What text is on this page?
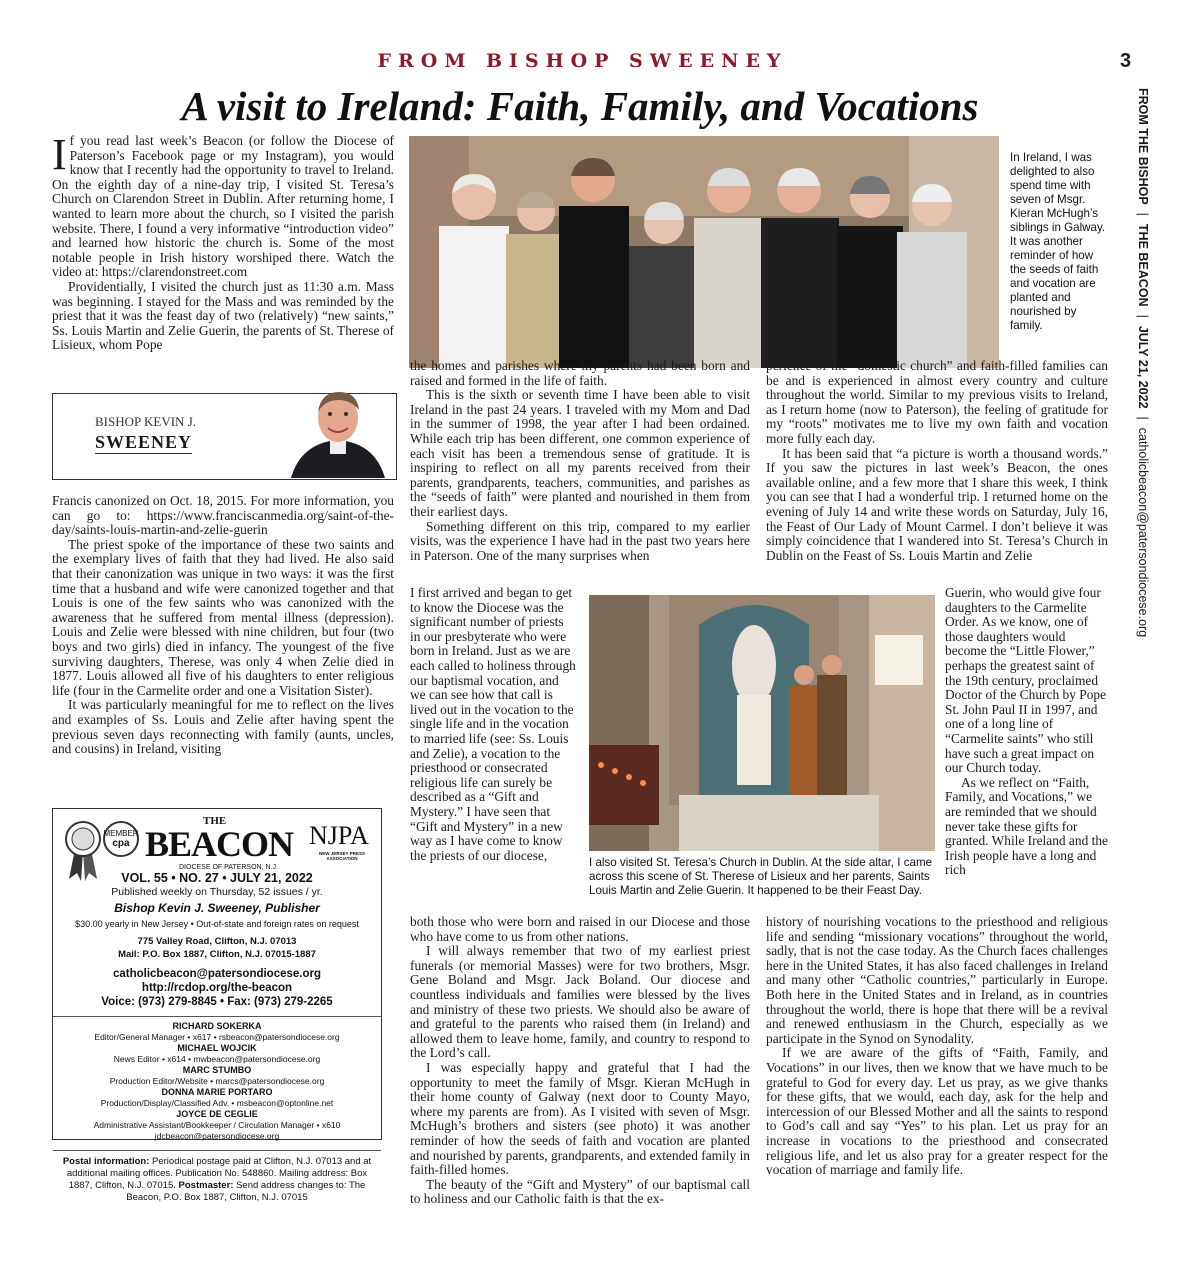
FROM BISHOP SWEENEY
A visit to Ireland: Faith, Family, and Vocations
3
FROM THE BISHOP|THE BEACON|JULY 21, 2022|catholicbeacon@patersondiocese.org

If you read last week’s Beacon (or follow the Diocese of Paterson’s Facebook page or my Instagram), you would know that I recently had the opportunity to travel to Ireland. On the eighth day of a nine-day trip, I visited St. Teresa’s Church on Clarendon Street in Dublin. After returning home, I wanted to learn more about the church, so I visited the parish website. There, I found a very informative “introduction video” and learned how historic the church is. Some of the most notable people in Irish history worshiped there. Watch the video at: https://clarendonstreet.com

Providentially, I visited the church just as 11:30 a.m. Mass was beginning. I stayed for the Mass and was reminded by the priest that it was the feast day of two (relatively) “new saints,” Ss. Louis Martin and Zelie Guerin, the parents of St. Therese of Lisieux, whom Pope

BISHOP KEVIN J.
SWEENEY

Francis canonized on Oct. 18, 2015. For more information, you can go to: https://www.franciscanmedia.org/saint-of-the-day/saints-louis-martin-and-zelie-guerin

The priest spoke of the importance of these two saints and the exemplary lives of faith that they had lived. He also said that their canonization was unique in two ways: it was the first time that a husband and wife were canonized together and that Louis is one of the few saints who was canonized with the awareness that he suffered from mental illness (depression). Louis and Zelie were blessed with nine children, but four (two boys and two girls) died in infancy. The youngest of the five surviving daughters, Therese, was only 4 when Zelie died in 1877. Louis allowed all five of his daughters to enter religious life (four in the Carmelite order and one a Visitation Sister).

It was particularly meaningful for me to reflect on the lives and examples of Ss. Louis and Zelie after having spent the previous seven days reconnecting with family (aunts, uncles, and cousins) in Ireland, visiting

MEMBER
cpa
THE
BEACON NJPA
NEW JERSEY PRESS ASSOCIATION
DIOCESE OF PATERSON, N.J.
VOL. 55 • NO. 27 • JULY 21, 2022
Published weekly on Thursday, 52 issues / yr.
Bishop Kevin J. Sweeney, Publisher
$30.00 yearly in New Jersey • Out-of-state and foreign rates on request
775 Valley Road, Clifton, N.J. 07013
Mail: P.O. Box 1887, Clifton, N.J. 07015-1887
catholicbeacon@patersondiocese.org
http://rcdop.org/the-beacon
Voice: (973) 279-8845 • Fax: (973) 279-2265
RICHARD SOKERKA
Editor/General Manager • x617 • rsbeacon@patersondiocese.org
MICHAEL WOJCIK
News Editor • x614 • mwbeacon@patersondiocese.org
MARC STUMBO
Production Editor/Website • marcs@patersondiocese.org
DONNA MARIE PORTARO
Production/Display/Classified Adv. • msbeacon@optonline.net
JOYCE DE CEGLIE
Administrative Assistant/Bookkeeper / Circulation Manager • x610
jdcbeacon@patersondiocese.org
Postal information: Periodical postage paid at Clifton, N.J. 07013 and at additional mailing offices. Publication No. 548860. Mailing address: Box 1887, Clifton, N.J. 07015. Postmaster: Send address changes to: The Beacon, P.O. Box 1887, Clifton, N.J. 07015
In Ireland, I was delighted to also spend time with seven of Msgr. Kieran McHugh’s siblings in Galway. It was another reminder of how the seeds of faith and vocation are planted and nourished by family.

the homes and parishes where my parents had been born and raised and formed in the life of faith.

This is the sixth or seventh time I have been able to visit Ireland in the past 24 years. I traveled with my Mom and Dad in the summer of 1998, the year after I had been ordained. While each trip has been different, one common experience of each visit has been a tremendous sense of gratitude. It is inspiring to reflect on all my parents received from their parents, grandparents, teachers, communities, and parishes as the “seeds of faith” were planted and nourished in them from their earliest days.

Something different on this trip, compared to my earlier visits, was the experience I have had in the past two years here in Paterson. One of the many surprises when

I first arrived and began to get to know the Diocese was the significant number of priests in our presbyterate who were born in Ireland. Just as we are each called to holiness through our baptismal vocation, and we can see how that call is lived out in the vocation to the single life and in the vocation to married life (see: Ss. Louis and Zelie), a vocation to the priesthood or consecrated religious life can surely be described as a “Gift and Mystery.” I have seen that “Gift and Mystery” in a new way as I have come to know the priests of our diocese,	I also visited St. Teresa’s Church in Dublin. At the side altar, I came across this scene of St. Therese of Lisieux and her parents, Saints Louis Martin and Zelie Guerin. It happened to be their Feast Day.

both those who were born and raised in our Diocese and those who have come to us from other nations.

I will always remember that two of my earliest priest funerals (or memorial Masses) were for two brothers, Msgr. Gene Boland and Msgr. Jack Boland. Our diocese and countless individuals and families were blessed by the lives and ministry of these two priests. We should also be aware of and grateful to the parents who raised them (in Ireland) and allowed them to leave home, family, and country to respond to the Lord’s call.

I was especially happy and grateful that I had the opportunity to meet the family of Msgr. Kieran McHugh in their home county of Galway (next door to County Mayo, where my parents are from). As I visited with seven of Msgr. McHugh’s brothers and sisters (see photo) it was another reminder of how the seeds of faith and vocation are planted and nourished by parents, grandparents, and extended family in faith-filled homes.

The beauty of the “Gift and Mystery” of our baptismal call to holiness and our Catholic faith is that the ex-

perience of the “domestic church” and faith-filled families can be and is experienced in almost every country and culture throughout the world. Similar to my previous visits to Ireland, as I return home (now to Paterson), the feeling of gratitude for my “roots” motivates me to live my own faith and vocation more fully each day.

It has been said that “a picture is worth a thousand words.” If you saw the pictures in last week’s Beacon, the ones available online, and a few more that I share this week, I think you can see that I had a wonderful trip. I returned home on the evening of July 14 and write these words on Saturday, July 16, the Feast of Our Lady of Mount Carmel. I don’t believe it was simply coincidence that I wandered into St. Teresa’s Church in Dublin on the Feast of Ss. Louis Martin and Zelie

Guerin, who would give four daughters to the Carmelite Order. As we know, one of those daughters would become the “Little Flower,” perhaps the greatest saint of the 19th century, proclaimed Doctor of the Church by Pope St. John Paul II in 1997, and one of a long line of “Carmelite saints” who still have such a great impact on our Church today.

As we reflect on “Faith, Family, and Vocations,” we are reminded that we should never take these gifts for granted. While Ireland and the Irish people have a long and rich

history of nourishing vocations to the priesthood and religious life and sending “missionary vocations” throughout the world, sadly, that is not the case today. As the Church faces challenges here in the United States, it has also faced challenges in Ireland and many other “Catholic countries,” particularly in Europe. Both here in the United States and in Ireland, as in countries throughout the world, there is hope that there will be a revival and renewed enthusiasm in the Church, especially as we participate in the Synod on Synodality.

If we are aware of the gifts of “Faith, Family, and Vocations” in our lives, then we know that we have much to be grateful to God for every day. Let us pray, as we give thanks for these gifts, that we would, each day, ask for the help and intercession of our Blessed Mother and all the saints to respond to God’s call and say “Yes” to his plan. Let us pray for an increase in vocations to the priesthood and consecrated religious life, and let us also pray for a greater respect for the vocation of marriage and family life.
